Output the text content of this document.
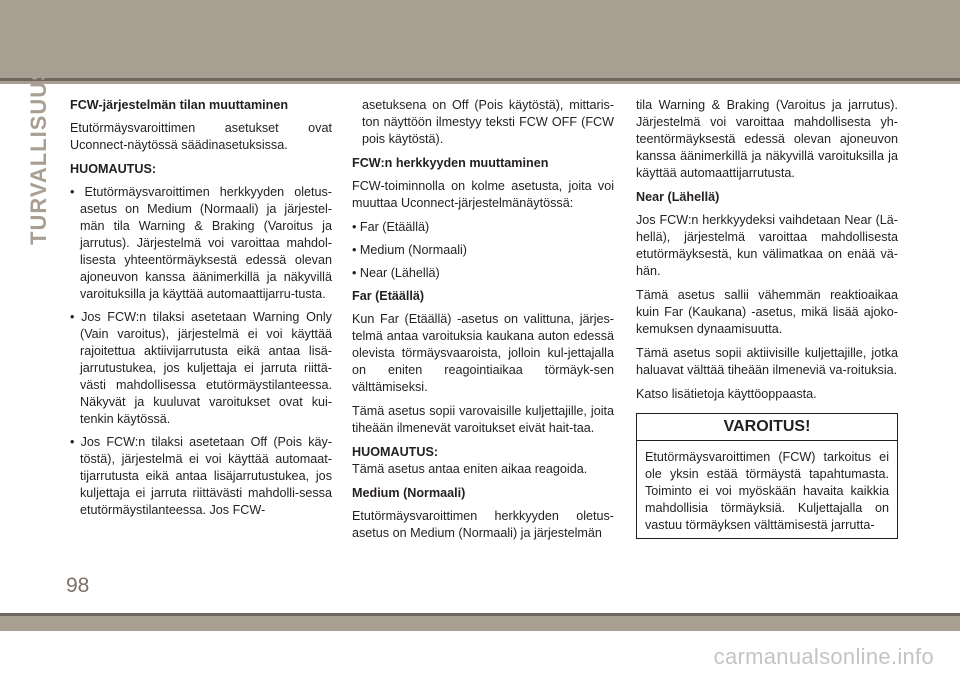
TURVALLISUUS FCW-järjestelmän tilan muuttaminen

Etutörmäysvaroittimen asetukset ovat Uconnect-näytössä säädinasetuksissa.

HUOMAUTUS:

• Etutörmäysvaroittimen herkkyyden oletus-asetus on Medium (Normaali) ja järjestel-män tila Warning & Braking (Varoitus ja jarrutus). Järjestelmä voi varoittaa mahdol-lisesta yhteentörmäyksestä edessä olevan ajoneuvon kanssa äänimerkillä ja näkyvillä varoituksilla ja käyttää automaattijarru-tusta.

• Jos FCW:n tilaksi asetetaan Warning Only (Vain varoitus), järjestelmä ei voi käyttää rajoitettua aktiivijarrutusta eikä antaa lisä-jarrutustukea, jos kuljettaja ei jarruta riittä-västi mahdollisessa etutörmäystilanteessa. Näkyvät ja kuuluvat varoitukset ovat kui-tenkin käytössä.

• Jos FCW:n tilaksi asetetaan Off (Pois käy-töstä), järjestelmä ei voi käyttää automaat-tijarrutusta eikä antaa lisäjarrutustukea, jos kuljettaja ei jarruta riittävästi mahdolli-sessa etutörmäystilanteessa. Jos FCW-

asetuksena on Off (Pois käytöstä), mittaris-ton näyttöön ilmestyy teksti FCW OFF (FCW pois käytöstä).

FCW:n herkkyyden muuttaminen

FCW-toiminnolla on kolme asetusta, joita voi muuttaa Uconnect-järjestelmänäytössä:

• Far (Etäällä)

• Medium (Normaali)

• Near (Lähellä)

Far (Etäällä)

Kun Far (Etäällä) -asetus on valittuna, järjes-telmä antaa varoituksia kaukana auton edessä olevista törmäysvaaroista, jolloin kul-jettajalla on eniten reagointiaikaa törmäyk-sen välttämiseksi.

Tämä asetus sopii varovaisille kuljettajille, joita tiheään ilmenevät varoitukset eivät hait-taa.

HUOMAUTUS:

Tämä asetus antaa eniten aikaa reagoida.

Medium (Normaali)

Etutörmäysvaroittimen herkkyyden oletus-asetus on Medium (Normaali) ja järjestelmän

tila Warning & Braking (Varoitus ja jarrutus). Järjestelmä voi varoittaa mahdollisesta yh-teentörmäyksestä edessä olevan ajoneuvon kanssa äänimerkillä ja näkyvillä varoituksilla ja käyttää automaattijarrutusta.

Near (Lähellä)

Jos FCW:n herkkyydeksi vaihdetaan Near (Lä-hellä), järjestelmä varoittaa mahdollisesta etutörmäyksestä, kun välimatkaa on enää vä-hän.

Tämä asetus sallii vähemmän reaktioaikaa kuin Far (Kaukana) -asetus, mikä lisää ajoko-kemuksen dynaamisuutta.

Tämä asetus sopii aktiivisille kuljettajille, jotka haluavat välttää tiheään ilmeneviä va-roituksia.

Katso lisätietoja käyttöoppaasta.

VAROITUS!
Etutörmäysvaroittimen (FCW) tarkoitus ei ole yksin estää törmäystä tapahtumasta. Toiminto ei voi myöskään havaita kaikkia mahdollisia törmäyksiä. Kuljettajalla on vastuu törmäyksen välttämisestä jarrutta-
98
carmanualsonline.info
